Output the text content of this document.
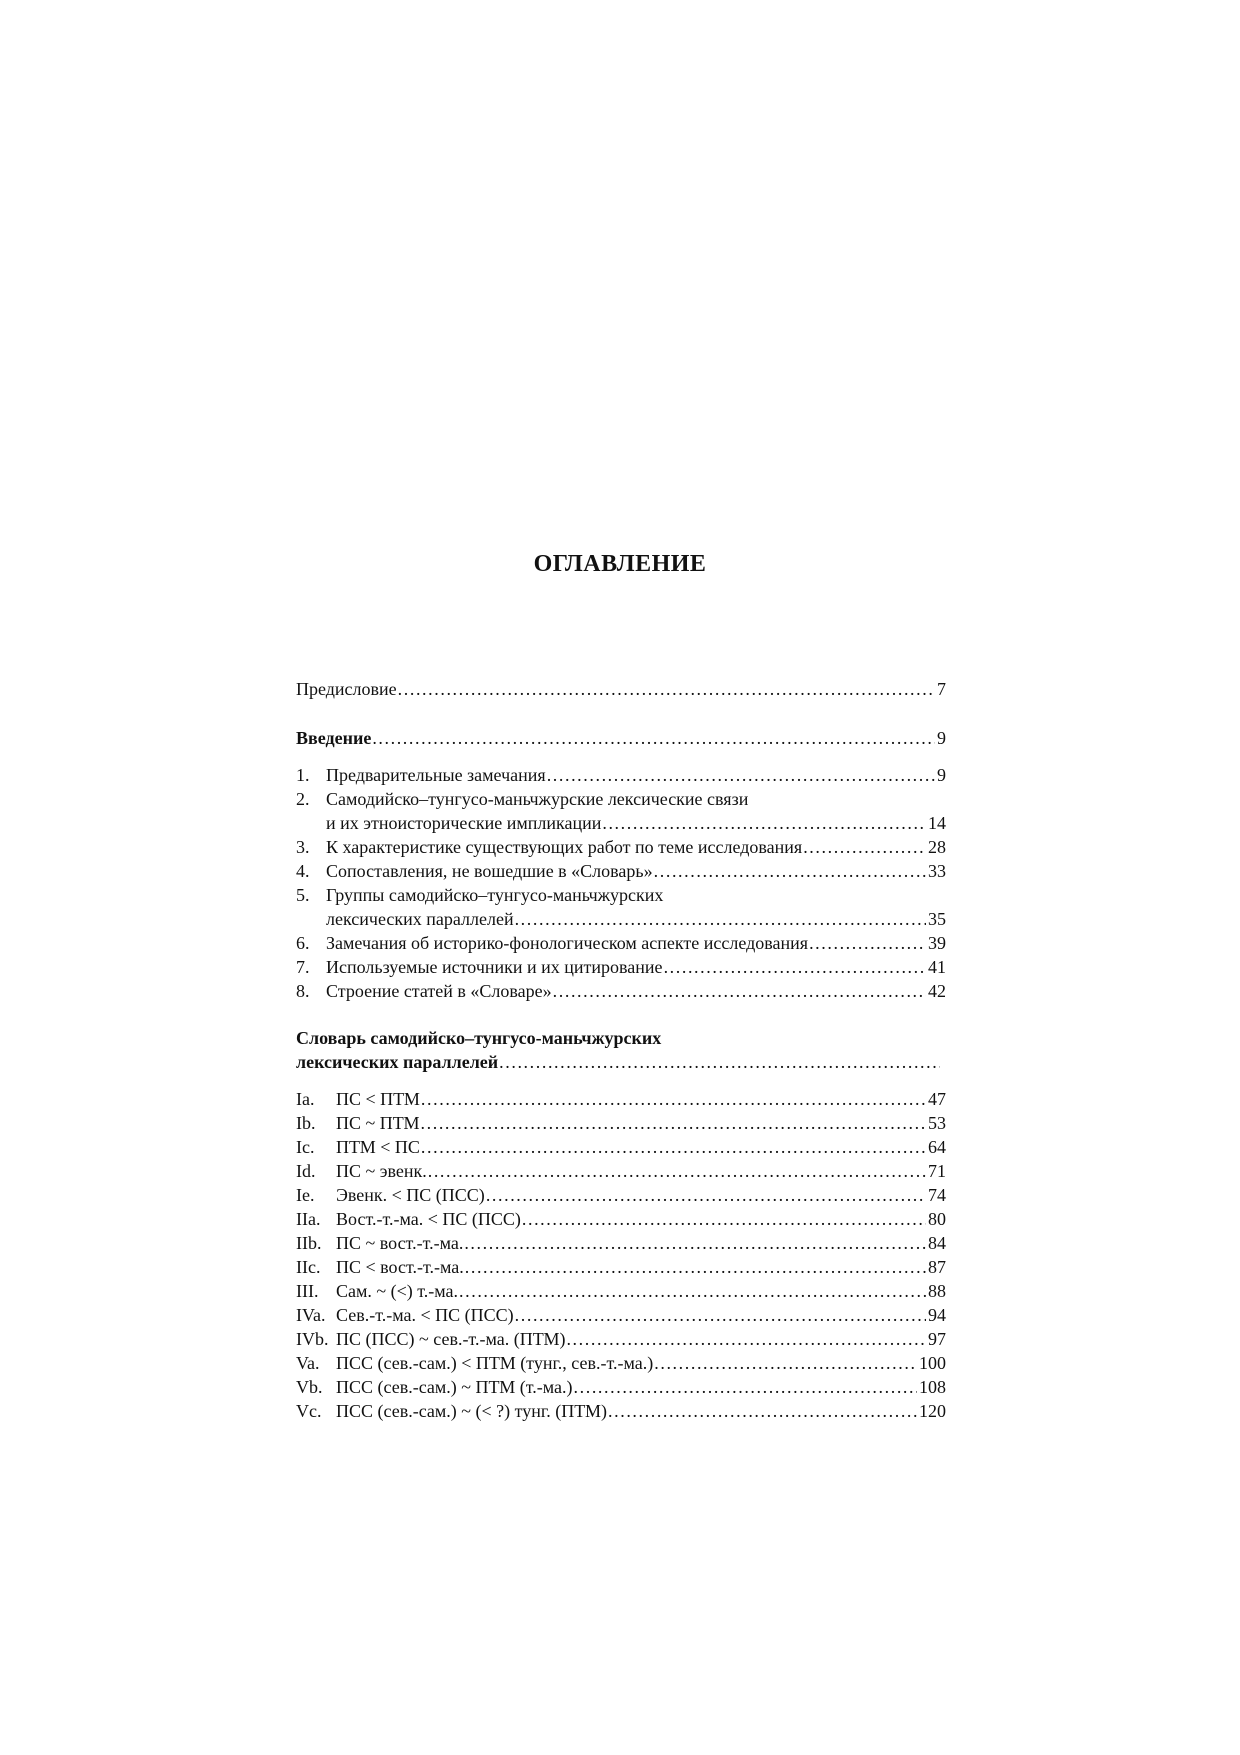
ОГЛАВЛЕНИЕ
Предисловие .....	7
Введение .....	9
1. Предварительные замечания .....	9
2. Самодийско–тунгусо-маньчжурские лексические связи
и их этноисторические импликации .....	14
3. К характеристике существующих работ по теме исследования .....	28
4. Сопоставления, не вошедшие в «Словарь» .....	33
5. Группы самодийско–тунгусо-маньчжурских
лексических параллелей .....	35
6. Замечания об историко-фонологическом аспекте исследования .....	39
7. Используемые источники и их цитирование .....	41
8. Строение статей в «Словаре» .....	42
Словарь самодийско–тунгусо-маньчжурских
лексических параллелей
.....
Ia.	ПС < ПТМ .....	47
Ib.	ПС ~ ПТМ .....	53
Ic.	ПТМ < ПС .....	64
Id.	ПС ~ эвенк. .....	71
Ie.	Эвенк. < ПС (ПСС) .....	74
IIa. Вост.-т.-ма. < ПС (ПСС) .....	80
IIb. ПС ~ вост.-т.-ма. .....	84
IIc. ПС < вост.-т.-ма. .....	87
III. Сам. ~ (<) т.-ма. .....	88
IVa. Сев.-т.-ма. < ПС (ПСС) .....	94
IVb. ПС (ПСС) ~ сев.-т.-ма. (ПТМ) .....	97
Va. ПСС (сев.-сам.) < ПТМ (тунг., сев.-т.-ма.) .....	100
Vb. ПСС (сев.-сам.) ~ ПТМ (т.-ма.) .....	108
Vc. ПСС (сев.-сам.) ~ (< ?) тунг. (ПТМ) .....	120
